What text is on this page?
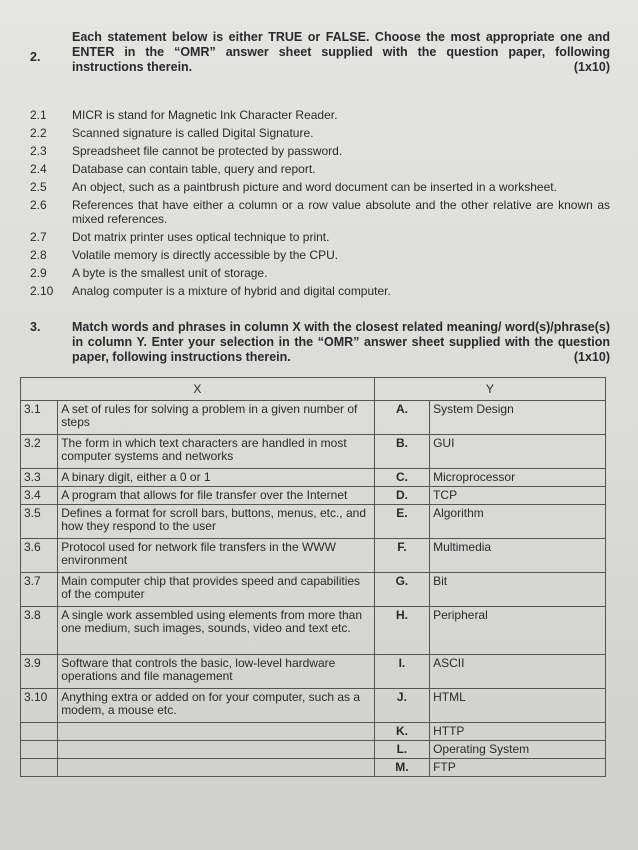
2.
Each statement below is either TRUE or FALSE. Choose the most appropriate one and ENTER in the “OMR” answer sheet supplied with the question paper, following instructions therein.	(1x10)
2.1	MICR is stand for Magnetic Ink Character Reader.
2.2	Scanned signature is called Digital Signature.
2.3	Spreadsheet file cannot be protected by password.
2.4	Database can contain table, query and report.
2.5	An object, such as a paintbrush picture and word document can be inserted in a worksheet.
2.6	References that have either a column or a row value absolute and the other relative are known as mixed references.
2.7	Dot matrix printer uses optical technique to print.
2.8	Volatile memory is directly accessible by the CPU.
2.9	A byte is the smallest unit of storage.
2.10	Analog computer is a mixture of hybrid and digital computer.
3.	Match words and phrases in column X with the closest related meaning/ word(s)/phrase(s) in column Y. Enter your selection in the “OMR” answer sheet supplied with the question paper, following instructions therein.	(1x10)
X		Y	
3.1	A set of rules for solving a problem in a given number of steps	A.	System Design
3.2	The form in which text characters are handled in most computer systems and networks	B.	GUI
3.3	A binary digit, either a 0 or 1	C.	Microprocessor
3.4	A program that allows for file transfer over the Internet	D.	TCP
3.5	Defines a format for scroll bars, buttons, menus, etc., and how they respond to the user	E.	Algorithm
3.6	Protocol used for network file transfers in the WWW environment	F.	Multimedia
3.7	Main computer chip that provides speed and capabilities of the computer	G.	Bit
3.8	A single work assembled using elements from more than one medium, such images, sounds, video and text etc.	H.	Peripheral
3.9	Software that controls the basic, low-level hardware operations and file management	I.	ASCII
3.10	Anything extra or added on for your computer, such as a modem, a mouse etc.	J.	HTML
		K.	HTTP
		L.	Operating System
		M.	FTP
